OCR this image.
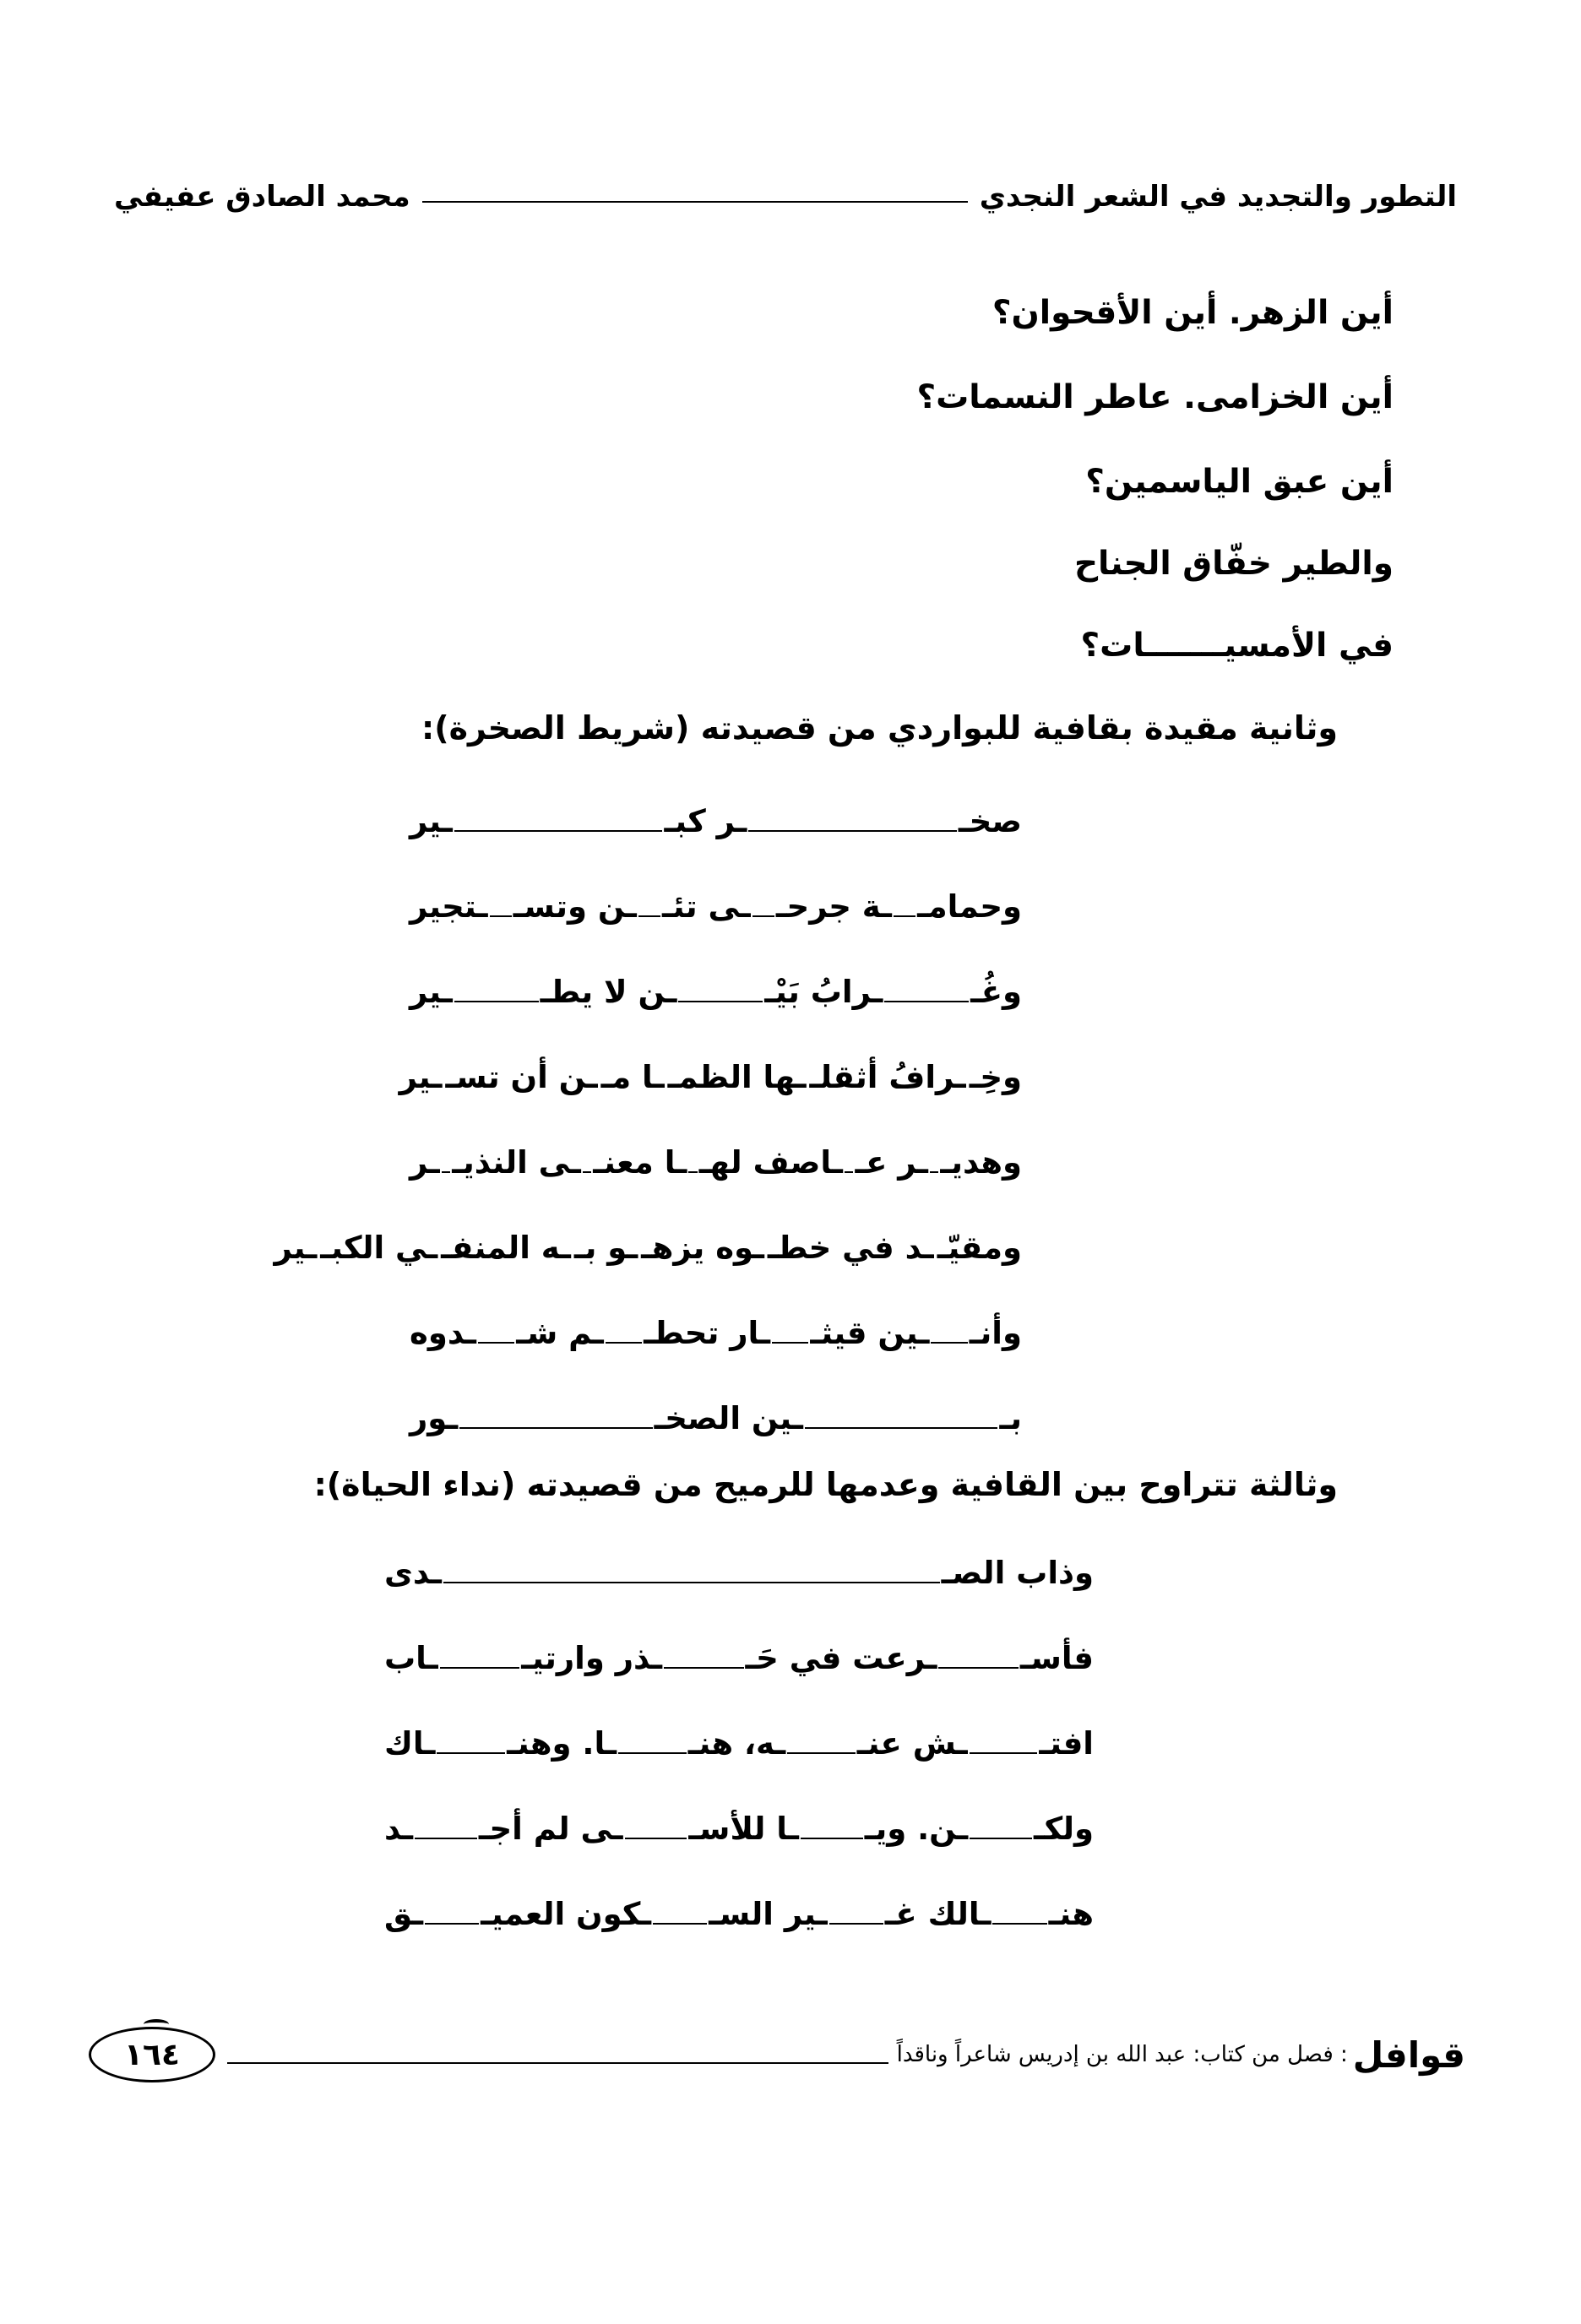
التطور والتجديد في الشعر النجدي
محمد الصادق عفيفي
أين الزهر. أين الأقحوان؟
أين الخزامى. عاطر النسمات؟
أين عبق الياسمين؟
والطير خفّاق الجناح
في الأمسيـــــــات؟
وثانية مقيدة بقافية للبواردي من قصيدته (شريط الصخرة):
صخـ
ـر كبـ
ـير
وحمامـ
ـة جرحـ
ـى تئـ
ـن وتسـ
ـتجير
وغُـ
ـرابُ بَيْـ
ـن لا يطـ
ـير
وخِـ
ـرافُ أثقلـ
ـها الظمـ
ـا مـ
ـن أن تسـ
ـير
وهديـ
ـر عـ
ـاصف لهـ
ـا معنـ
ـى النذيـ
ـر
ومقيّـ
ـد في خطـ
ـوه يزهـ
ـو بـ
ـه المنفـ
ـي الكبـ
ـير
وأنـ
ـين قيثـ
ـار تحطـ
ـم شـ
ـدوه
بـ
ـين الصخـ
ـور
وثالثة تتراوح بين القافية وعدمها للرميح من قصيدته (نداء الحياة):
وذاب الصـ
ـدى
فأسـ
ـرعت في حَـ
ـذر وارتيـ
ـاب
افتـ
ـش عنـ
ـه، هنـ
ـا. وهنـ
ـاك
ولكـ
ـن. ويـ
ـا للأسـ
ـى لم أجـ
ـد
هنـ
ـالك غـ
ـير السـ
ـكون العميـ
ـق
قوافل
: فصل من كتاب: عبد الله بن إدريس شاعراً وناقداً
١٦٤
